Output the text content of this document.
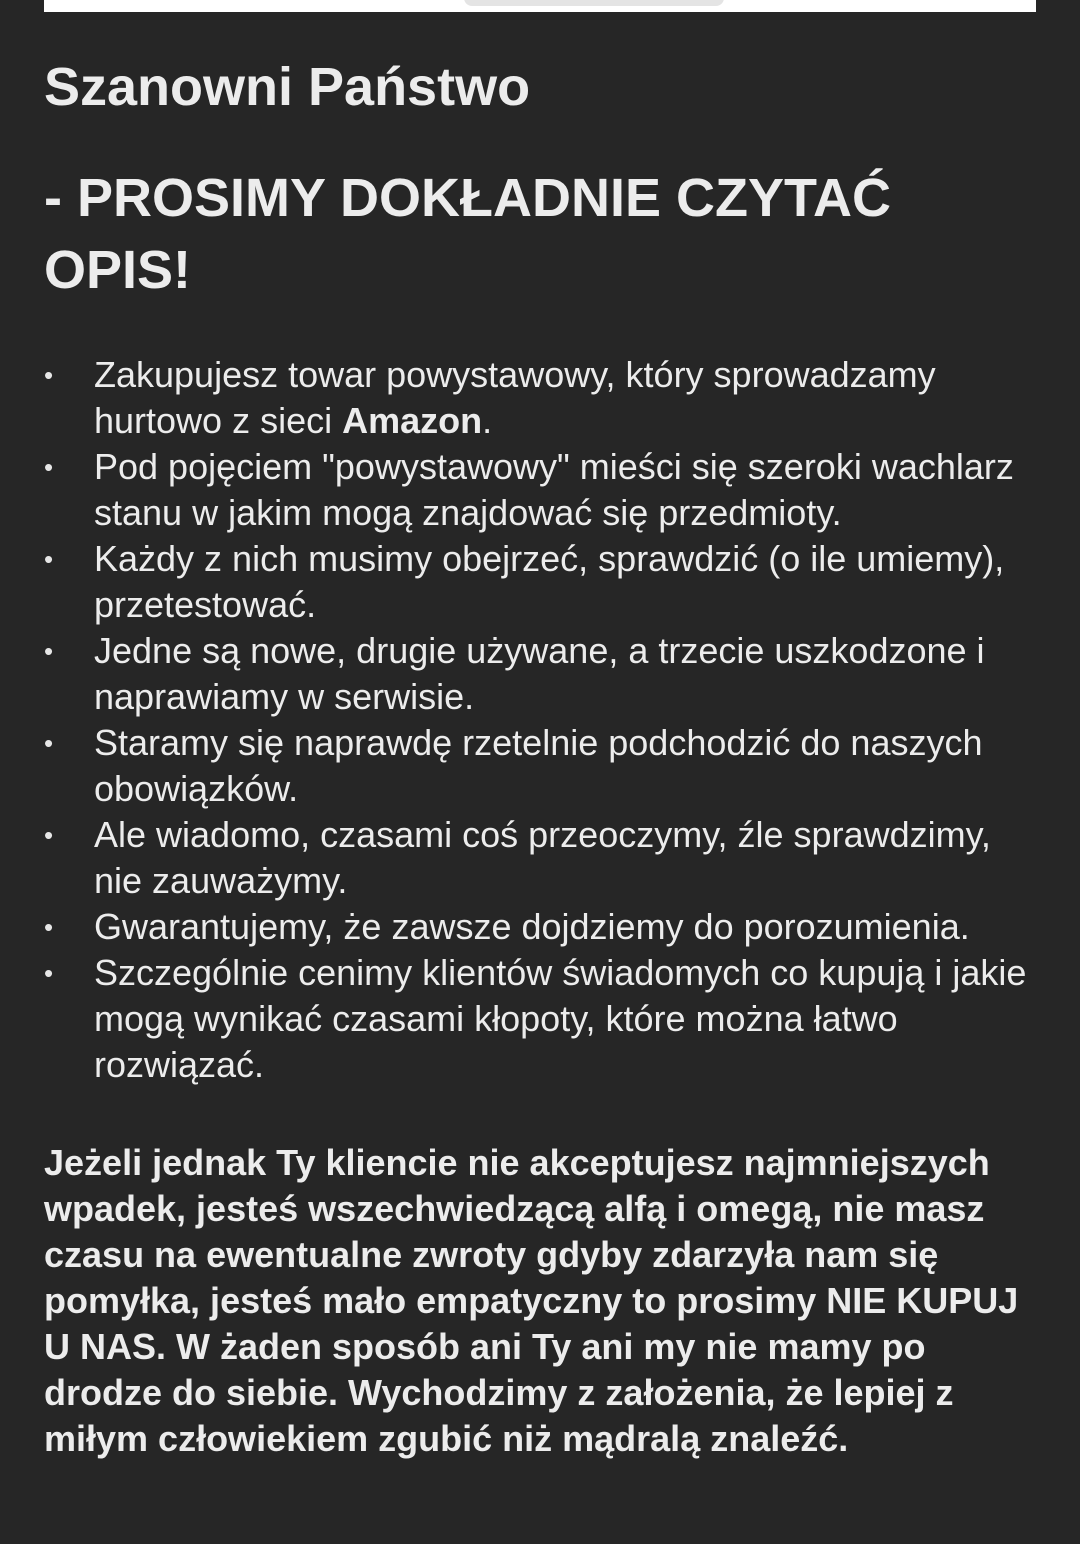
Szanowni Państwo
- PROSIMY DOKŁADNIE CZYTAĆ OPIS!
• Zakupujesz towar powystawowy, który sprowadzamy hurtowo z sieci Amazon.
• Pod pojęciem "powystawowy" mieści się szeroki wachlarz stanu w jakim mogą znajdować się przedmioty.
• Każdy z nich musimy obejrzeć, sprawdzić (o ile umiemy), przetestować.
• Jedne są nowe, drugie używane, a trzecie uszkodzone i naprawiamy w serwisie.
• Staramy się naprawdę rzetelnie podchodzić do naszych obowiązków.
• Ale wiadomo, czasami coś przeoczymy, źle sprawdzimy, nie zauważymy.
• Gwarantujemy, że zawsze dojdziemy do porozumienia.
• Szczególnie cenimy klientów świadomych co kupują i jakie mogą wynikać czasami kłopoty, które można łatwo rozwiązać.

Jeżeli jednak Ty kliencie nie akceptujesz najmniejszych wpadek, jesteś wszechwiedzącą alfą i omegą, nie masz czasu na ewentualne zwroty gdyby zdarzyła nam się pomyłka, jesteś mało empatyczny to prosimy NIE KUPUJ U NAS. W żaden sposób ani Ty ani my nie mamy po drodze do siebie. Wychodzimy z założenia, że lepiej z miłym człowiekiem zgubić niż mądralą znaleźć.
